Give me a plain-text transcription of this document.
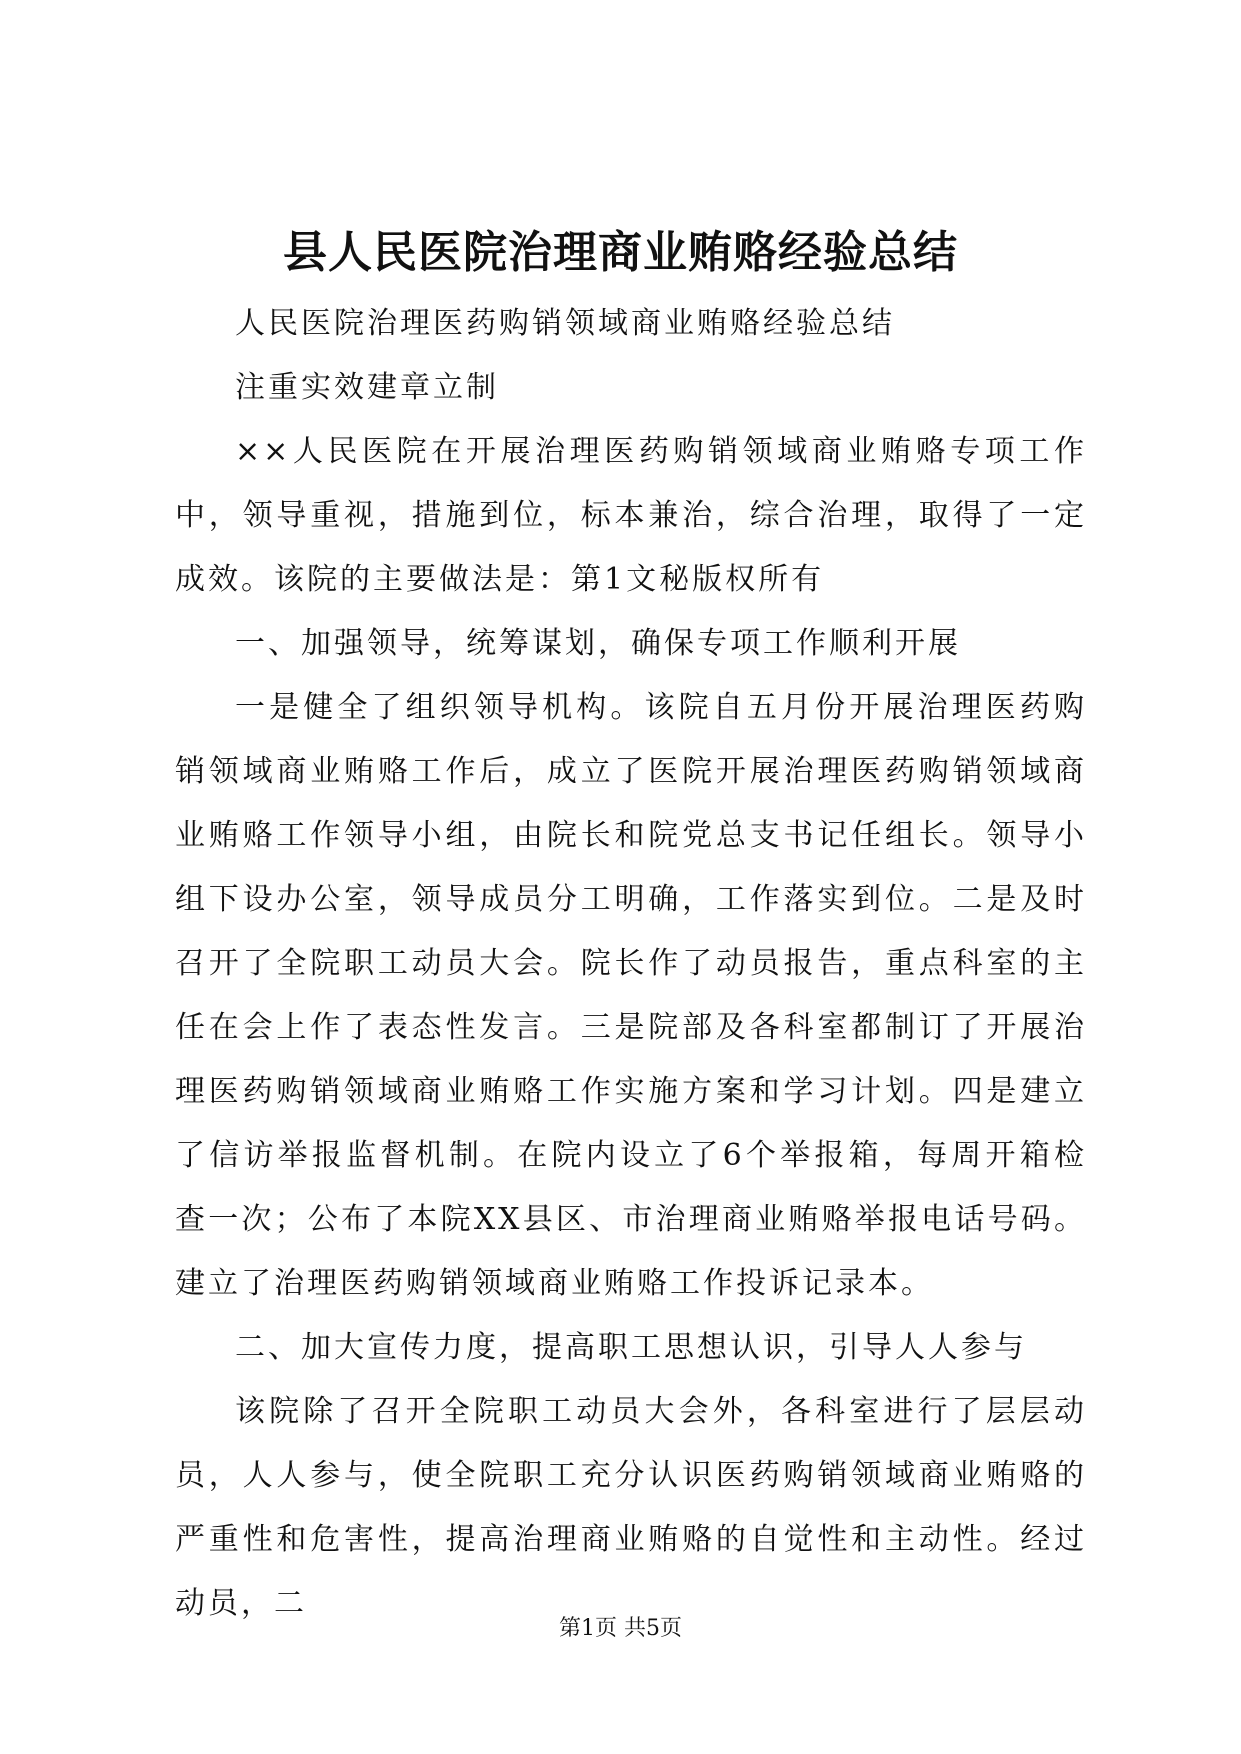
县人民医院治理商业贿赂经验总结

人民医院治理医药购销领域商业贿赂经验总结

注重实效建章立制

××人民医院在开展治理医药购销领域商业贿赂专项工作中，领导重视，措施到位，标本兼治，综合治理，取得了一定成效。该院的主要做法是：第1文秘版权所有

一、加强领导，统筹谋划，确保专项工作顺利开展

一是健全了组织领导机构。该院自五月份开展治理医药购销领域商业贿赂工作后，成立了医院开展治理医药购销领域商业贿赂工作领导小组，由院长和院党总支书记任组长。领导小组下设办公室，领导成员分工明确，工作落实到位。二是及时召开了全院职工动员大会。院长作了动员报告，重点科室的主任在会上作了表态性发言。三是院部及各科室都制订了开展治理医药购销领域商业贿赂工作实施方案和学习计划。四是建立了信访举报监督机制。在院内设立了6个举报箱，每周开箱检查一次；公布了本院XX县区、市治理商业贿赂举报电话号码。建立了治理医药购销领域商业贿赂工作投诉记录本。

二、加大宣传力度，提高职工思想认识，引导人人参与

该院除了召开全院职工动员大会外，各科室进行了层层动员，人人参与，使全院职工充分认识医药购销领域商业贿赂的严重性和危害性，提高治理商业贿赂的自觉性和主动性。经过动员，二

第1页 共5页
